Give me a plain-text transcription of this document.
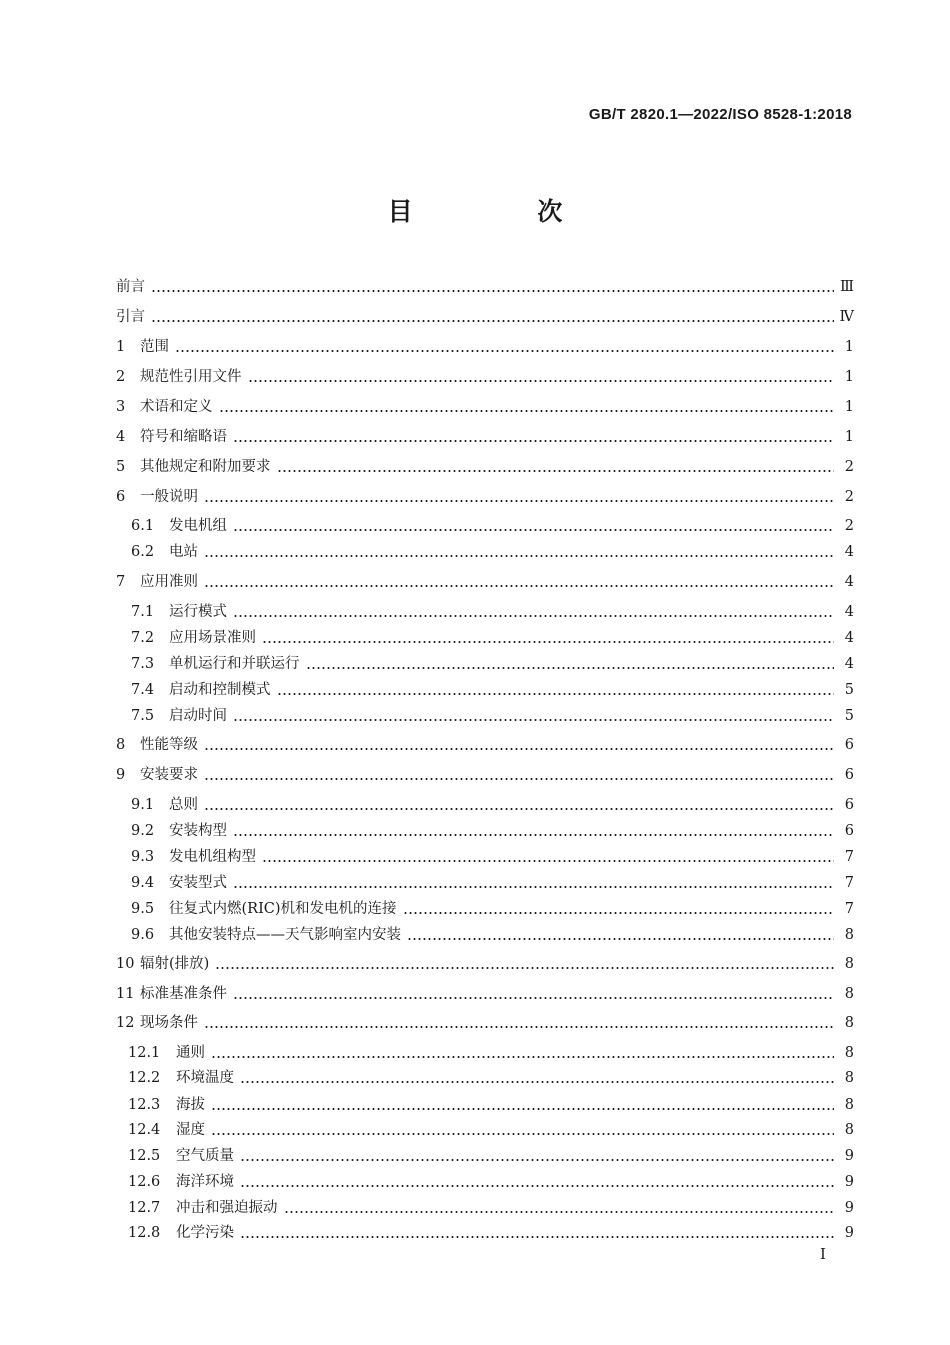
GB/T 2820.1—2022/ISO 8528-1:2018
目 次
前言	Ⅲ
引言	Ⅳ
1	范围	1
2	规范性引用文件	1
3	术语和定义	1
4	符号和缩略语	1
5	其他规定和附加要求	2
6	一般说明	2
6.1	发电机组	2
6.2	电站	4
7	应用准则	4
7.1	运行模式	4
7.2	应用场景准则	4
7.3	单机运行和并联运行	4
7.4	启动和控制模式	5
7.5	启动时间	5
8	性能等级	6
9	安装要求	6
9.1	总则	6
9.2	安装构型	6
9.3	发电机组构型	7
9.4	安装型式	7
9.5	往复式内燃(RIC)机和发电机的连接	7
9.6	其他安装特点——天气影响室内安装	8
10 辐射(排放)	8
11 标准基准条件	8
12 现场条件	8
12.1	通则	8
12.2	环境温度	8
12.3	海拔	8
12.4	湿度	8
12.5	空气质量	9
12.6	海洋环境	9
12.7	冲击和强迫振动	9
12.8	化学污染	9
I
